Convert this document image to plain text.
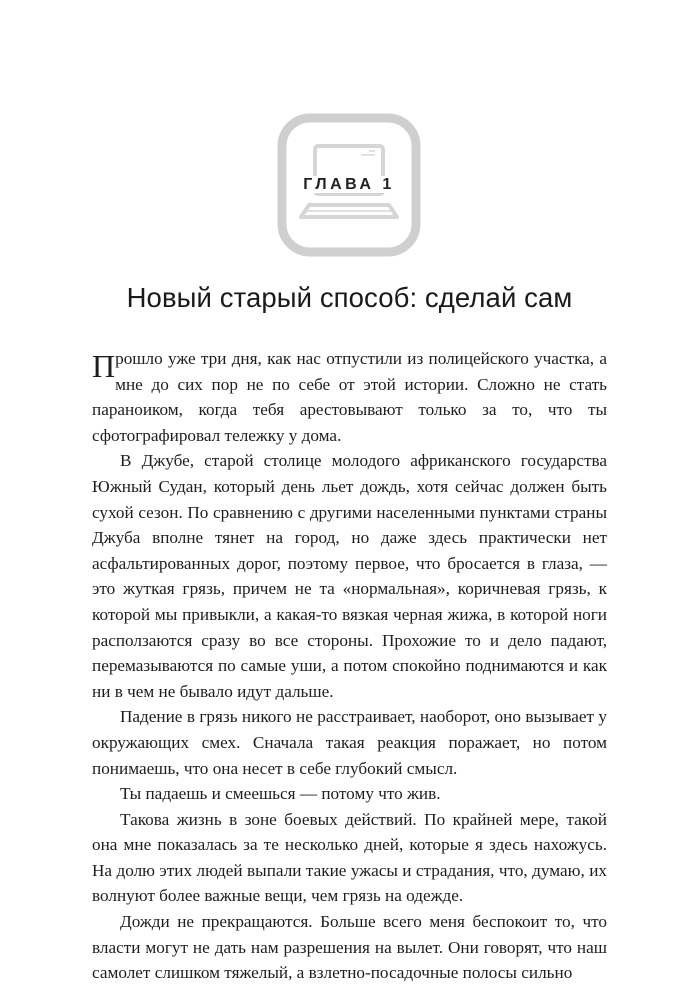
ГЛАВА 1
Новый старый способ: сделай сам

Прошло уже три дня, как нас отпустили из полицейского участка, а мне до сих пор не по себе от этой истории. Сложно не стать параноиком, когда тебя арестовывают только за то, что ты сфотографировал тележку у дома.

В Джубе, старой столице молодого африканского государства Южный Судан, который день льет дождь, хотя сейчас должен быть сухой сезон. По сравнению с другими населенными пунктами страны Джуба вполне тянет на город, но даже здесь практически нет асфальтированных дорог, поэтому первое, что бросается в глаза, — это жуткая грязь, причем не та «нормальная», коричневая грязь, к которой мы привыкли, а какая-то вязкая черная жижа, в которой ноги расползаются сразу во все стороны. Прохожие то и дело падают, перемазываются по самые уши, а потом спокойно поднимаются и как ни в чем не бывало идут дальше.

Падение в грязь никого не расстраивает, наоборот, оно вызывает у окружающих смех. Сначала такая реакция поражает, но потом понимаешь, что она несет в себе глубокий смысл.

Ты падаешь и смеешься — потому что жив.

Такова жизнь в зоне боевых действий. По крайней мере, такой она мне показалась за те несколько дней, которые я здесь нахожусь. На долю этих людей выпали такие ужасы и страдания, что, думаю, их волнуют более важные вещи, чем грязь на одежде.

Дожди не прекращаются. Больше всего меня беспокоит то, что власти могут не дать нам разрешения на вылет. Они говорят, что наш самолет слишком тяжелый, а взлетно-посадочные полосы сильно
